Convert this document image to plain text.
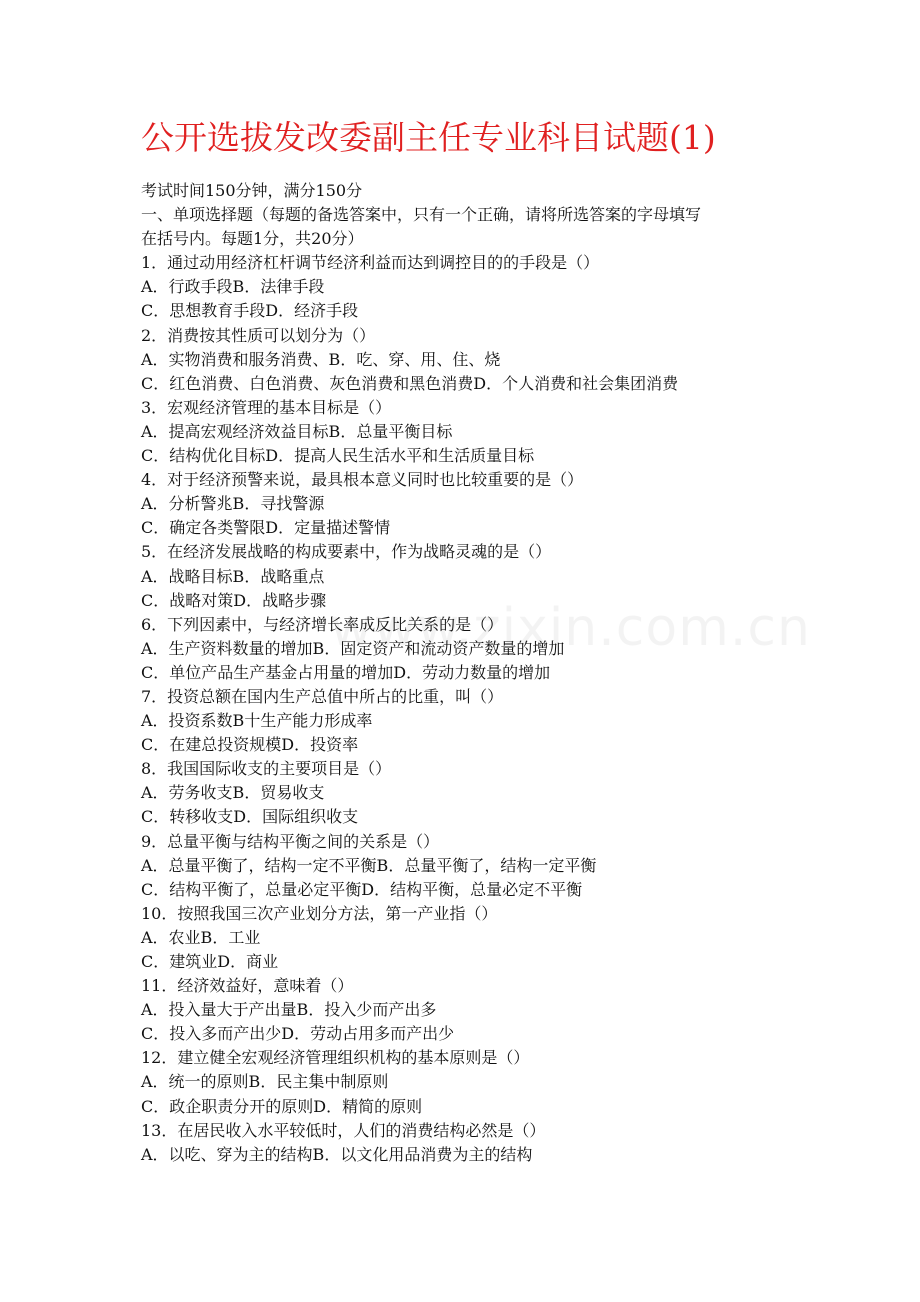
公开选拔发改委副主任专业科目试题(1)
考试时间150分钟，满分150分
一、单项选择题（每题的备选答案中，只有一个正确，请将所选答案的字母填写
在括号内。每题1分，共20分）
1．通过动用经济杠杆调节经济利益而达到调控目的的手段是（）
A．行政手段B．法律手段
C．思想教育手段D．经济手段
2．消费按其性质可以划分为（）
A．实物消费和服务消费、B．吃、穿、用、住、烧
C．红色消费、白色消费、灰色消费和黑色消费D．个人消费和社会集团消费
3．宏观经济管理的基本目标是（）
A．提高宏观经济效益目标B．总量平衡目标
C．结构优化目标D．提高人民生活水平和生活质量目标
4．对于经济预警来说，最具根本意义同时也比较重要的是（）
A．分析警兆B．寻找警源
C．确定各类警限D．定量描述警情
5．在经济发展战略的构成要素中，作为战略灵魂的是（）
A．战略目标B．战略重点
C．战略对策D．战略步骤
6．下列因素中，与经济增长率成反比关系的是（）
A．生产资料数量的增加B．固定资产和流动资产数量的增加
C．单位产品生产基金占用量的增加D．劳动力数量的增加
7．投资总额在国内生产总值中所占的比重，叫（）
A．投资系数B十生产能力形成率
C．在建总投资规模D．投资率
8．我国国际收支的主要项目是（）
A．劳务收支B．贸易收支
C．转移收支D．国际组织收支
9．总量平衡与结构平衡之间的关系是（）
A．总量平衡了，结构一定不平衡B．总量平衡了，结构一定平衡
C．结构平衡了，总量必定平衡D．结构平衡，总量必定不平衡
10．按照我国三次产业划分方法，第一产业指（）
A．农业B．工业
C．建筑业D．商业
11．经济效益好，意味着（）
A．投入量大于产出量B．投入少而产出多
C．投入多而产出少D．劳动占用多而产出少
12．建立健全宏观经济管理组织机构的基本原则是（）
A．统一的原则B．民主集中制原则
C．政企职责分开的原则D．精简的原则
13．在居民收入水平较低时，人们的消费结构必然是（）
A．以吃、穿为主的结构B．以文化用品消费为主的结构
